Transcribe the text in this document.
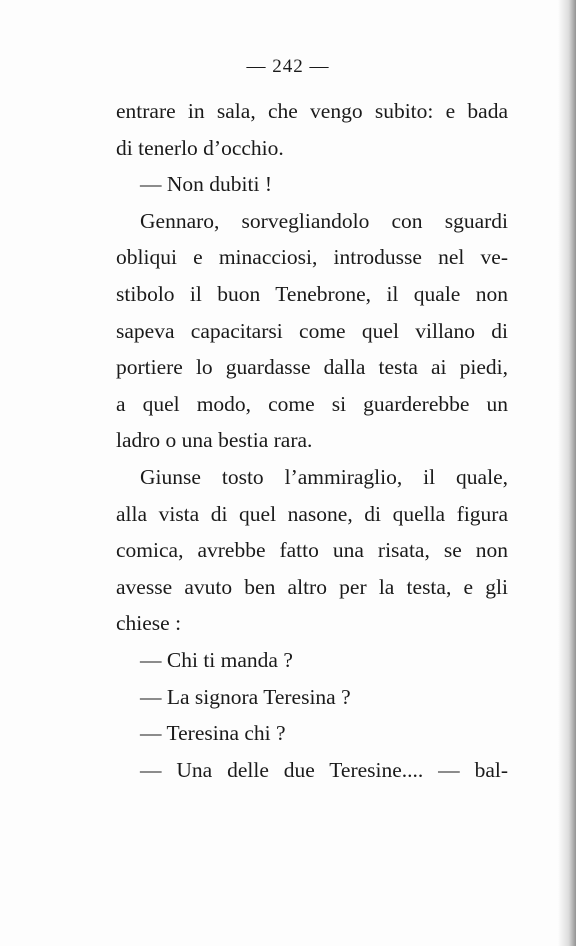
— 242 —
entrare in sala, che vengo subito: e bada
di tenerlo d’occhio.
— Non dubiti !
Gennaro, sorvegliandolo con sguardi
obliqui e minacciosi, introdusse nel ve-
stibolo il buon Tenebrone, il quale non
sapeva capacitarsi come quel villano di
portiere lo guardasse dalla testa ai piedi,
a quel modo, come si guarderebbe un
ladro o una bestia rara.
Giunse tosto l’ammiraglio, il quale,
alla vista di quel nasone, di quella figura
comica, avrebbe fatto una risata, se non
avesse avuto ben altro per la testa, e gli
chiese :
— Chi ti manda ?
— La signora Teresina ?
— Teresina chi ?
— Una delle due Teresine.... — bal-
